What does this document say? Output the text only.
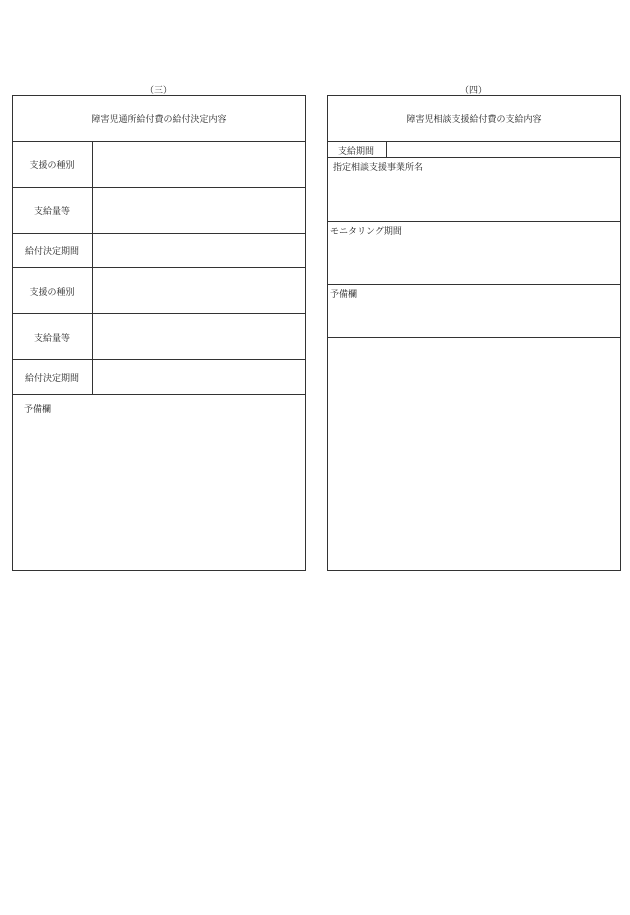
（三）
障害児通所給付費の給付決定内容
支援の種別
支給量等
給付決定期間
支援の種別
支給量等
給付決定期間
予備欄
（四）
障害児相談支援給付費の支給内容
支給期間
指定相談支援事業所名
モニタリング期間
予備欄
